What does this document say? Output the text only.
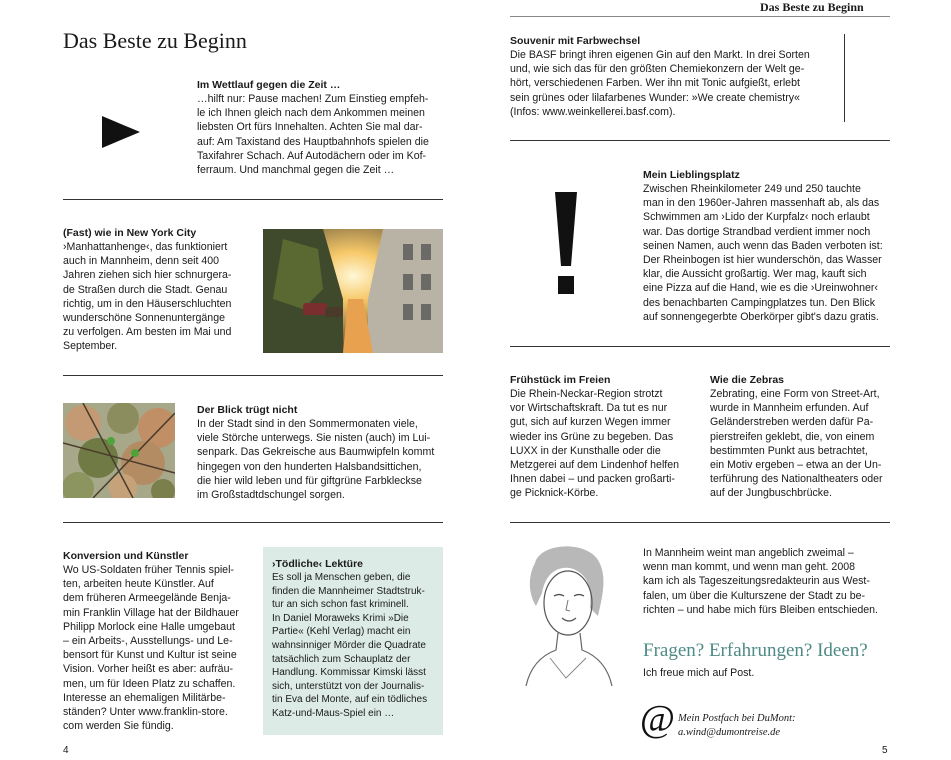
Das Beste zu Beginn
Das Beste zu Beginn

Im Wettlauf gegen die Zeit …

…hilft nur: Pause machen! Zum Einstieg empfeh-
le ich Ihnen gleich nach dem Ankommen meinen
liebsten Ort fürs Innehalten. Achten Sie mal dar-
auf: Am Taxistand des Hauptbahnhofs spielen die
Taxifahrer Schach. Auf Autodächern oder im Kof-
ferraum. Und manchmal gegen die Zeit …

(Fast) wie in New York City

›Manhattanhenge‹, das funktioniert
auch in Mannheim, denn seit 400
Jahren ziehen sich hier schnurgera-
de Straßen durch die Stadt. Genau
richtig, um in den Häuserschluchten
wunderschöne Sonnenuntergänge
zu verfolgen. Am besten im Mai und
September.

Der Blick trügt nicht

In der Stadt sind in den Sommermonaten viele,
viele Störche unterwegs. Sie nisten (auch) im Lui-
senpark. Das Gekreische aus Baumwipfeln kommt
hingegen von den hunderten Halsbandsittichen,
die hier wild leben und für giftgrüne Farbkleckse
im Großstadtdschungel sorgen.

Konversion und Künstler

Wo US-Soldaten früher Tennis spiel-
ten, arbeiten heute Künstler. Auf
dem früheren Armeegelände Benja-
min Franklin Village hat der Bildhauer
Philipp Morlock eine Halle umgebaut
– ein Arbeits-, Ausstellungs- und Le-
bensort für Kunst und Kultur ist seine
Vision. Vorher heißt es aber: aufräu-
men, um für Ideen Platz zu schaffen.
Interesse an ehemaligen Militärbe-
ständen? Unter www.franklin-store.
com werden Sie fündig.

›Tödliche‹ Lektüre

Es soll ja Menschen geben, die
finden die Mannheimer Stadtstruk-
tur an sich schon fast kriminell.
In Daniel Moraweks Krimi »Die
Partie« (Kehl Verlag) macht ein
wahnsinniger Mörder die Quadrate
tatsächlich zum Schauplatz der
Handlung. Kommissar Kimski lässt
sich, unterstützt von der Journalis-
tin Eva del Monte, auf ein tödliches
Katz-und-Maus-Spiel ein …
4

Souvenir mit Farbwechsel

Die BASF bringt ihren eigenen Gin auf den Markt. In drei Sorten
und, wie sich das für den größten Chemiekonzern der Welt ge-
hört, verschiedenen Farben. Wer ihn mit Tonic aufgießt, erlebt
sein grünes oder lilafarbenes Wunder: »We create chemistry«
(Infos: www.weinkellerei.basf.com).

Mein Lieblingsplatz

Zwischen Rheinkilometer 249 und 250 tauchte
man in den 1960er-Jahren massenhaft ab, als das
Schwimmen am ›Lido der Kurpfalz‹ noch erlaubt
war. Das dortige Strandbad verdient immer noch
seinen Namen, auch wenn das Baden verboten ist:
Der Rheinbogen ist hier wunderschön, das Wasser
klar, die Aussicht großartig. Wer mag, kauft sich
eine Pizza auf die Hand, wie es die ›Ureinwohner‹
des benachbarten Campingplatzes tun. Den Blick
auf sonnengegerbte Oberkörper gibt's dazu gratis.

Frühstück im Freien

Die Rhein-Neckar-Region strotzt
vor Wirtschaftskraft. Da tut es nur
gut, sich auf kurzen Wegen immer
wieder ins Grüne zu begeben. Das
LUXX in der Kunsthalle oder die
Metzgerei auf dem Lindenhof helfen
Ihnen dabei – und packen großarti-
ge Picknick-Körbe.

Wie die Zebras

Zebrating, eine Form von Street-Art,
wurde in Mannheim erfunden. Auf
Geländerstreben werden dafür Pa-
pierstreifen geklebt, die, von einem
bestimmten Punkt aus betrachtet,
ein Motiv ergeben – etwa an der Un-
terführung des Nationaltheaters oder
auf der Jungbuschbrücke.
In Mannheim weint man angeblich zweimal –
wenn man kommt, und wenn man geht. 2008
kam ich als Tageszeitungsredakteurin aus West-
falen, um über die Kulturszene der Stadt zu be-
richten – und habe mich fürs Bleiben entschieden.
Fragen? Erfahrungen? Ideen?
Ich freue mich auf Post.
@ Mein Postfach bei DuMont:
a.wind@dumontreise.de
5
